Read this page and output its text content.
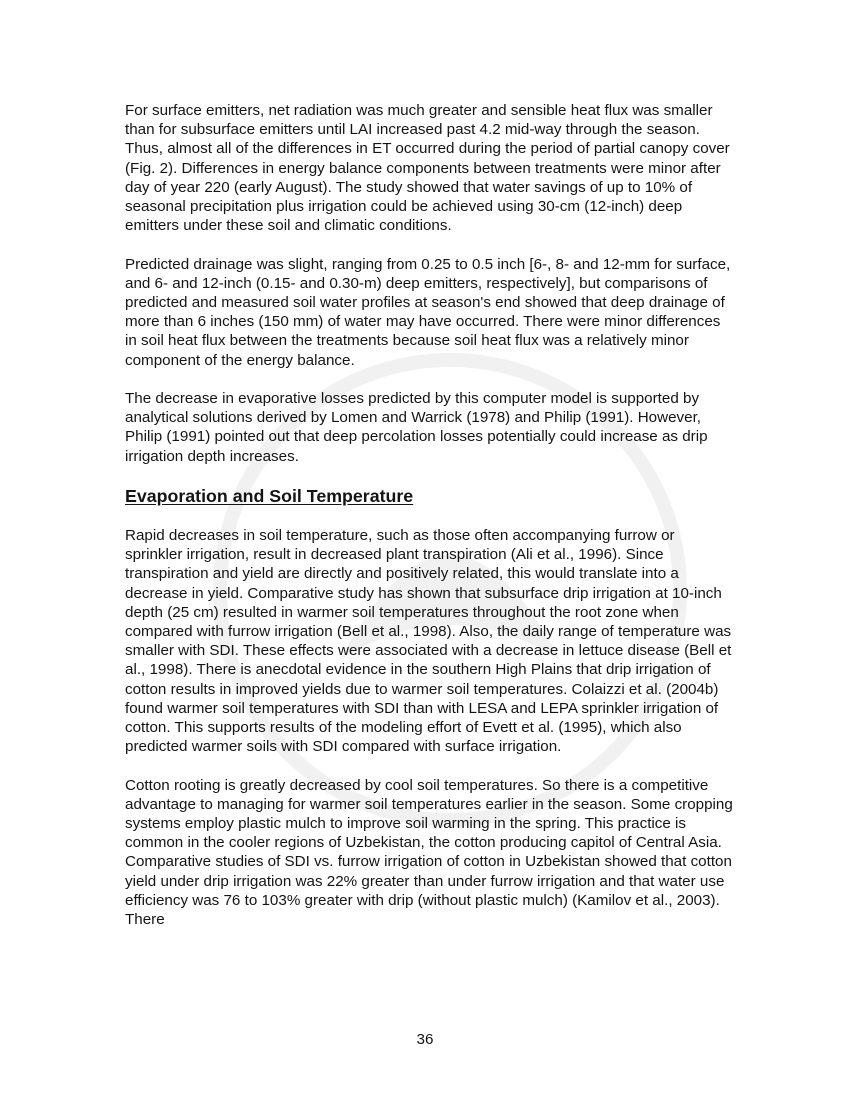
For surface emitters, net radiation was much greater and sensible heat flux was smaller than for subsurface emitters until LAI increased past 4.2 mid-way through the season. Thus, almost all of the differences in ET occurred during the period of partial canopy cover (Fig. 2). Differences in energy balance components between treatments were minor after day of year 220 (early August). The study showed that water savings of up to 10% of seasonal precipitation plus irrigation could be achieved using 30-cm (12-inch) deep emitters under these soil and climatic conditions.

Predicted drainage was slight, ranging from 0.25 to 0.5 inch [6-, 8- and 12-mm for surface, and 6- and 12-inch (0.15- and 0.30-m) deep emitters, respectively], but comparisons of predicted and measured soil water profiles at season's end showed that deep drainage of more than 6 inches (150 mm) of water may have occurred. There were minor differences in soil heat flux between the treatments because soil heat flux was a relatively minor component of the energy balance.

The decrease in evaporative losses predicted by this computer model is supported by analytical solutions derived by Lomen and Warrick (1978) and Philip (1991). However, Philip (1991) pointed out that deep percolation losses potentially could increase as drip irrigation depth increases.

Evaporation and Soil Temperature

Rapid decreases in soil temperature, such as those often accompanying furrow or sprinkler irrigation, result in decreased plant transpiration (Ali et al., 1996). Since transpiration and yield are directly and positively related, this would translate into a decrease in yield. Comparative study has shown that subsurface drip irrigation at 10-inch depth (25 cm) resulted in warmer soil temperatures throughout the root zone when compared with furrow irrigation (Bell et al., 1998). Also, the daily range of temperature was smaller with SDI. These effects were associated with a decrease in lettuce disease (Bell et al., 1998). There is anecdotal evidence in the southern High Plains that drip irrigation of cotton results in improved yields due to warmer soil temperatures. Colaizzi et al. (2004b) found warmer soil temperatures with SDI than with LESA and LEPA sprinkler irrigation of cotton. This supports results of the modeling effort of Evett et al. (1995), which also predicted warmer soils with SDI compared with surface irrigation.

Cotton rooting is greatly decreased by cool soil temperatures. So there is a competitive advantage to managing for warmer soil temperatures earlier in the season. Some cropping systems employ plastic mulch to improve soil warming in the spring. This practice is common in the cooler regions of Uzbekistan, the cotton producing capitol of Central Asia. Comparative studies of SDI vs. furrow irrigation of cotton in Uzbekistan showed that cotton yield under drip irrigation was 22% greater than under furrow irrigation and that water use efficiency was 76 to 103% greater with drip (without plastic mulch) (Kamilov et al., 2003). There

36
